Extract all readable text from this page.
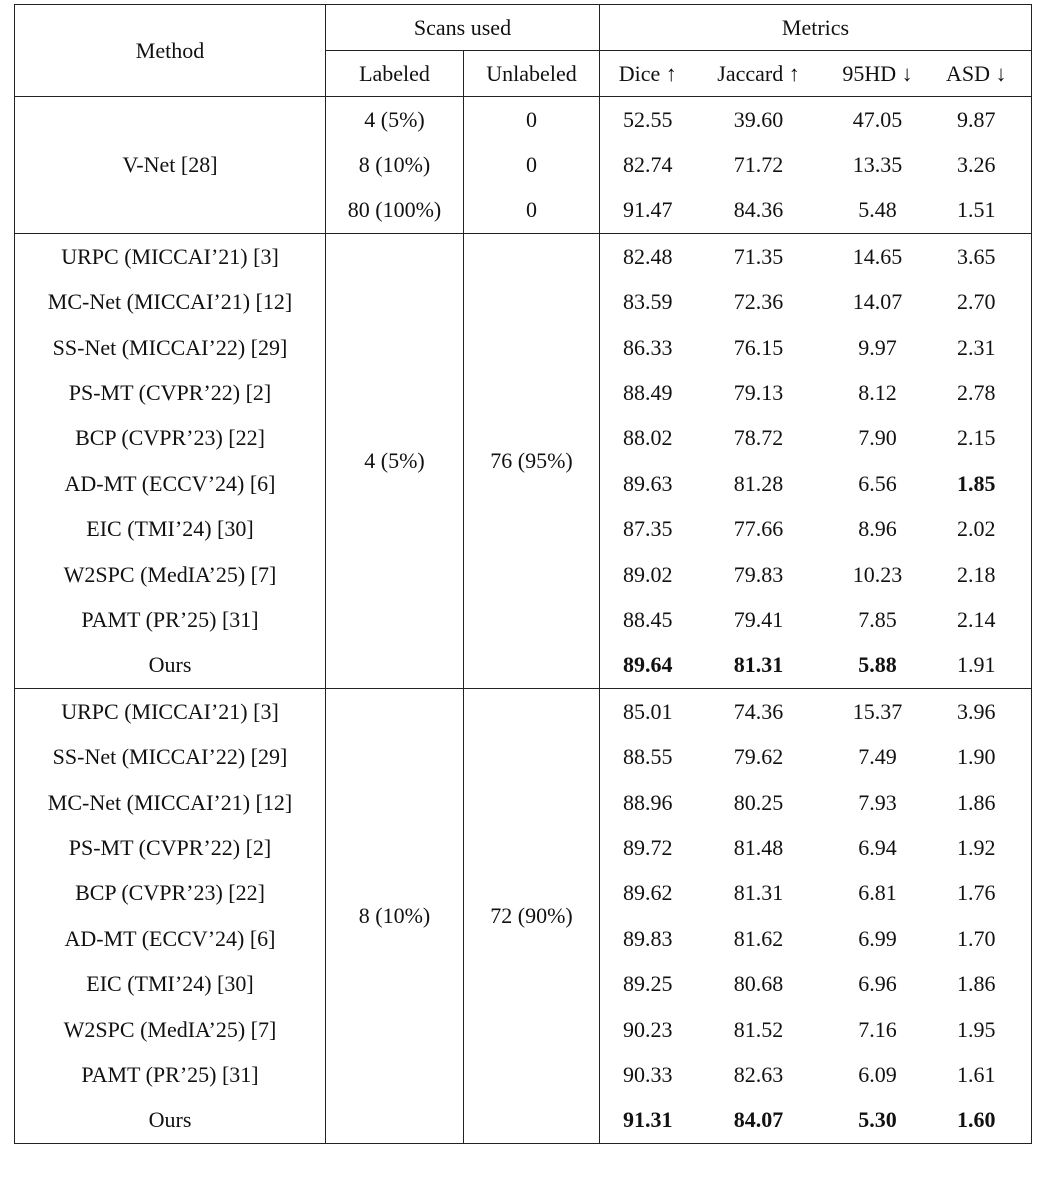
Method	Scans used		Metrics			
	Labeled	Unlabeled	Dice ↑	Jaccard ↑	95HD ↓	ASD ↓
V-Net [28]	4 (5%)	0	52.55	39.60	47.05	9.87
	8 (10%)	0	82.74	71.72	13.35	3.26
	80 (100%)	0	91.47	84.36	5.48	1.51
URPC (MICCAI’21) [3]	4 (5%)	76 (95%)	82.48	71.35	14.65	3.65
MC-Net (MICCAI’21) [12]			83.59	72.36	14.07	2.70
SS-Net (MICCAI’22) [29]			86.33	76.15	9.97	2.31
PS-MT (CVPR’22) [2]			88.49	79.13	8.12	2.78
BCP (CVPR’23) [22]			88.02	78.72	7.90	2.15
AD-MT (ECCV’24) [6]			89.63	81.28	6.56	1.85
EIC (TMI’24) [30]			87.35	77.66	8.96	2.02
W2SPC (MedIA’25) [7]			89.02	79.83	10.23	2.18
PAMT (PR’25) [31]			88.45	79.41	7.85	2.14
Ours			89.64	81.31	5.88	1.91
URPC (MICCAI’21) [3]	8 (10%)	72 (90%)	85.01	74.36	15.37	3.96
SS-Net (MICCAI’22) [29]			88.55	79.62	7.49	1.90
MC-Net (MICCAI’21) [12]			88.96	80.25	7.93	1.86
PS-MT (CVPR’22) [2]			89.72	81.48	6.94	1.92
BCP (CVPR’23) [22]			89.62	81.31	6.81	1.76
AD-MT (ECCV’24) [6]			89.83	81.62	6.99	1.70
EIC (TMI’24) [30]			89.25	80.68	6.96	1.86
W2SPC (MedIA’25) [7]			90.23	81.52	7.16	1.95
PAMT (PR’25) [31]			90.33	82.63	6.09	1.61
Ours			91.31	84.07	5.30	1.60
